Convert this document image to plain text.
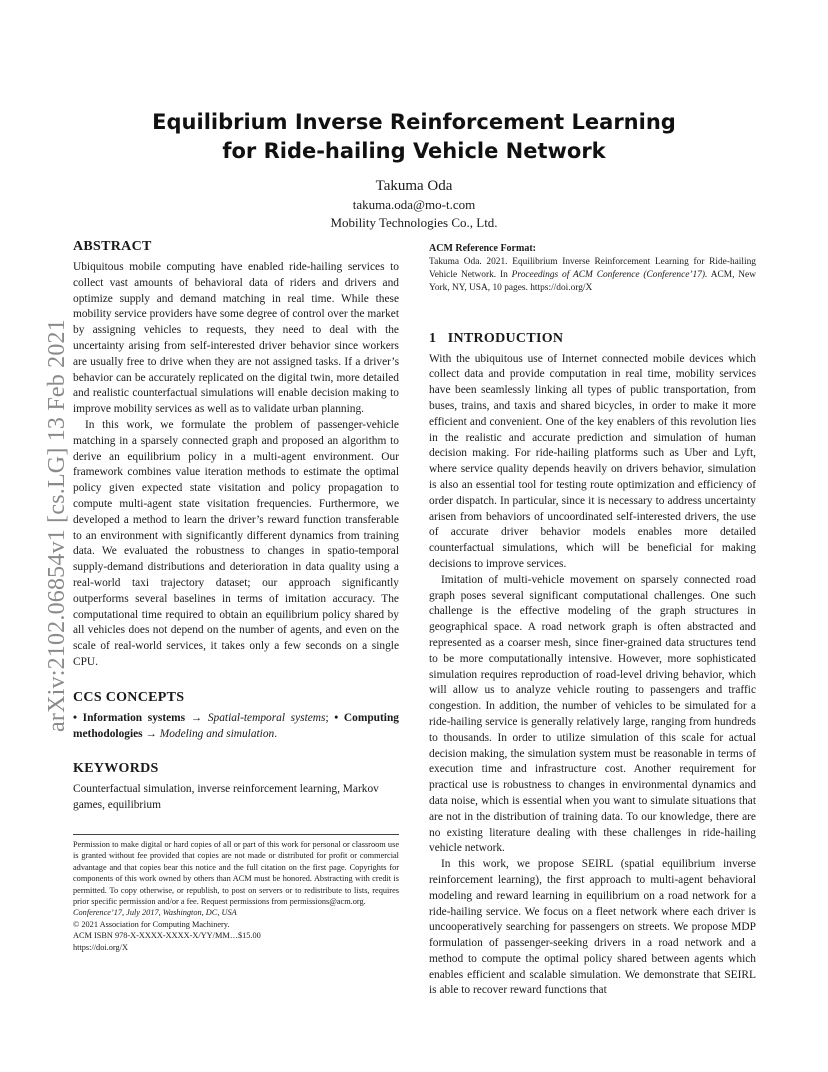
arXiv:2102.06854v1 [cs.LG] 13 Feb 2021
Equilibrium Inverse Reinforcement Learning
for Ride-hailing Vehicle Network
Takuma Oda
takuma.oda@mo-t.com
Mobility Technologies Co., Ltd.
ABSTRACT

Ubiquitous mobile computing have enabled ride-hailing services to collect vast amounts of behavioral data of riders and drivers and optimize supply and demand matching in real time. While these mobility service providers have some degree of control over the market by assigning vehicles to requests, they need to deal with the uncertainty arising from self-interested driver behavior since workers are usually free to drive when they are not assigned tasks. If a driver’s behavior can be accurately replicated on the digital twin, more detailed and realistic counterfactual simulations will enable decision making to improve mobility services as well as to validate urban planning.

In this work, we formulate the problem of passenger-vehicle matching in a sparsely connected graph and proposed an algorithm to derive an equilibrium policy in a multi-agent environment. Our framework combines value iteration methods to estimate the optimal policy given expected state visitation and policy propagation to compute multi-agent state visitation frequencies. Furthermore, we developed a method to learn the driver’s reward function transferable to an environment with significantly different dynamics from training data. We evaluated the robustness to changes in spatio-temporal supply-demand distributions and deterioration in data quality using a real-world taxi trajectory dataset; our approach significantly outperforms several baselines in terms of imitation accuracy. The computational time required to obtain an equilibrium policy shared by all vehicles does not depend on the number of agents, and even on the scale of real-world services, it takes only a few seconds on a single CPU.

CCS CONCEPTS

• Information systems → Spatial-temporal systems; • Computing methodologies → Modeling and simulation.

KEYWORDS

Counterfactual simulation, inverse reinforcement learning, Markov games, equilibrium

Permission to make digital or hard copies of all or part of this work for personal or classroom use is granted without fee provided that copies are not made or distributed for profit or commercial advantage and that copies bear this notice and the full citation on the first page. Copyrights for components of this work owned by others than ACM must be honored. Abstracting with credit is permitted. To copy otherwise, or republish, to post on servers or to redistribute to lists, requires prior specific permission and/or a fee. Request permissions from permissions@acm.org.

Conference’17, July 2017, Washington, DC, USA

© 2021 Association for Computing Machinery.

ACM ISBN 978-X-XXXX-XXXX-X/YY/MM…$15.00

https://doi.org/X

ACM Reference Format:

Takuma Oda. 2021. Equilibrium Inverse Reinforcement Learning for Ride-hailing Vehicle Network. In Proceedings of ACM Conference (Conference’17). ACM, New York, NY, USA, 10 pages. https://doi.org/X

1   INTRODUCTION

With the ubiquitous use of Internet connected mobile devices which collect data and provide computation in real time, mobility services have been seamlessly linking all types of public transportation, from buses, trains, and taxis and shared bicycles, in order to make it more efficient and convenient. One of the key enablers of this revolution lies in the realistic and accurate prediction and simulation of human decision making. For ride-hailing platforms such as Uber and Lyft, where service quality depends heavily on drivers behavior, simulation is also an essential tool for testing route optimization and efficiency of order dispatch. In particular, since it is necessary to address uncertainty arisen from behaviors of uncoordinated self-interested drivers, the use of accurate driver behavior models enables more detailed counterfactual simulations, which will be beneficial for making decisions to improve services.

Imitation of multi-vehicle movement on sparsely connected road graph poses several significant computational challenges. One such challenge is the effective modeling of the graph structures in geographical space. A road network graph is often abstracted and represented as a coarser mesh, since finer-grained data structures tend to be more computationally intensive. However, more sophisticated simulation requires reproduction of road-level driving behavior, which will allow us to analyze vehicle routing to passengers and traffic congestion. In addition, the number of vehicles to be simulated for a ride-hailing service is generally relatively large, ranging from hundreds to thousands. In order to utilize simulation of this scale for actual decision making, the simulation system must be reasonable in terms of execution time and infrastructure cost. Another requirement for practical use is robustness to changes in environmental dynamics and data noise, which is essential when you want to simulate situations that are not in the distribution of training data. To our knowledge, there are no existing literature dealing with these challenges in ride-hailing vehicle network.

In this work, we propose SEIRL (spatial equilibrium inverse reinforcement learning), the first approach to multi-agent behavioral modeling and reward learning in equilibrium on a road network for a ride-hailing service. We focus on a fleet network where each driver is uncooperatively searching for passengers on streets. We propose MDP formulation of passenger-seeking drivers in a road network and a method to compute the optimal policy shared between agents which enables efficient and scalable simulation. We demonstrate that SEIRL is able to recover reward functions that
